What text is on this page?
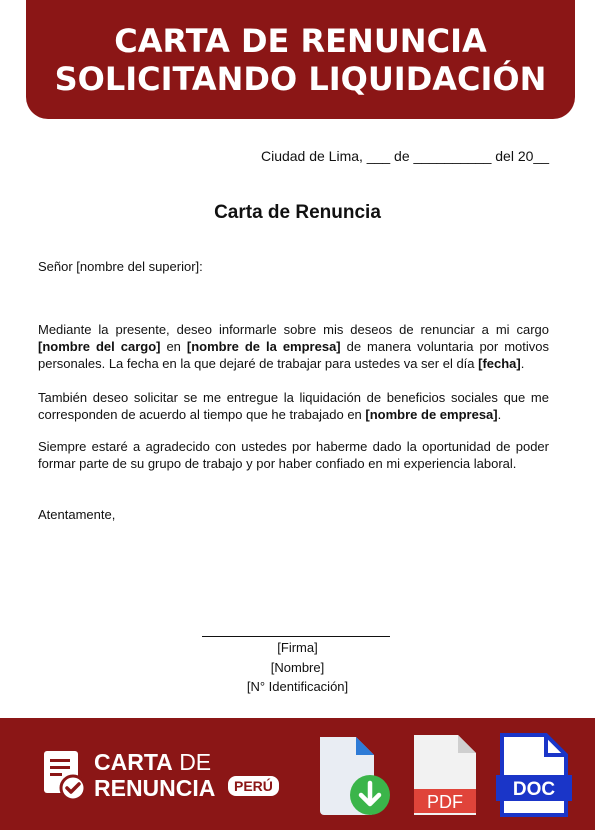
CARTA DE RENUNCIA
SOLICITANDO LIQUIDACIÓN
Ciudad de Lima, ___ de __________ del 20__
Carta de Renuncia
Señor [nombre del superior]:
Mediante la presente, deseo informarle sobre mis deseos de renunciar a mi cargo [nombre del cargo] en [nombre de la empresa] de manera voluntaria por motivos personales. La fecha en la que dejaré de trabajar para ustedes va ser el día [fecha].
También deseo solicitar se me entregue la liquidación de beneficios sociales que me corresponden de acuerdo al tiempo que he trabajado en [nombre de empresa].
Siempre estaré a agradecido con ustedes por haberme dado la oportunidad de poder formar parte de su grupo de trabajo y por haber confiado en mi experiencia laboral.
Atentamente,
[Firma]
[Nombre]
[N° Identificación]
CARTA DE
RENUNCIA	PERÚ
PDF
DOC
